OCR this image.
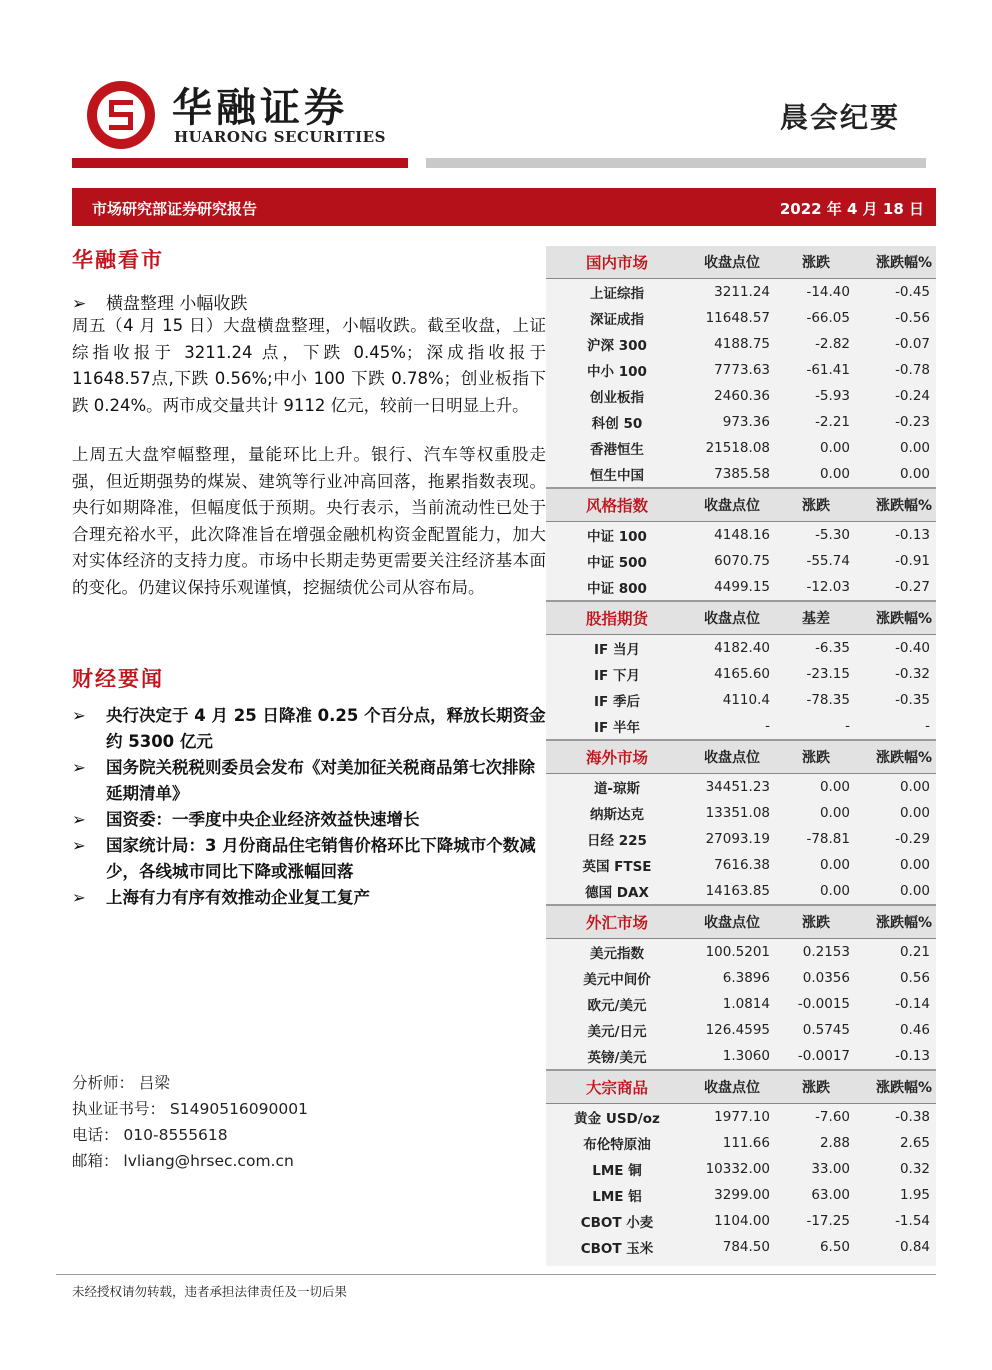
华融证券
HUARONG SECURITIES
晨会纪要
市场研究部证券研究报告	2022 年 4 月 18 日
华融看市
➢ 横盘整理 小幅收跌
周五（4 月 15 日）大盘横盘整理，小幅收跌。截至收盘，上证综指收报于 3211.24 点，下跌 0.45%；深成指收报于 11648.57点,下跌 0.56%;中小 100 下跌 0.78%；创业板指下跌 0.24%。两市成交量共计 9112 亿元，较前一日明显上升。
上周五大盘窄幅整理，量能环比上升。银行、汽车等权重股走强，但近期强势的煤炭、建筑等行业冲高回落，拖累指数表现。央行如期降准，但幅度低于预期。央行表示，当前流动性已处于合理充裕水平，此次降准旨在增强金融机构资金配置能力，加大对实体经济的支持力度。市场中长期走势更需要关注经济基本面的变化。仍建议保持乐观谨慎，挖掘绩优公司从容布局。
财经要闻
➢	央行决定于 4 月 25 日降准 0.25 个百分点，释放长期资金约 5300 亿元
➢	国务院关税税则委员会发布《对美加征关税商品第七次排除延期清单》
➢	国资委：一季度中央企业经济效益快速增长
➢	国家统计局：3 月份商品住宅销售价格环比下降城市个数减少，各线城市同比下降或涨幅回落
➢	上海有力有序有效推动企业复工复产
分析师： 吕梁
执业证书号： S1490516090001
电话： 010-8555618
邮箱： lvliang@hrsec.com.cn
国内市场	收盘点位	涨跌	涨跌幅%
上证综指	3211.24	-14.40	-0.45
深证成指	11648.57	-66.05	-0.56
沪深 300	4188.75	-2.82	-0.07
中小 100	7773.63	-61.41	-0.78
创业板指	2460.36	-5.93	-0.24
科创 50	973.36	-2.21	-0.23
香港恒生	21518.08	0.00	0.00
恒生中国	7385.58	0.00	0.00

风格指数	收盘点位	涨跌	涨跌幅%
中证 100	4148.16	-5.30	-0.13
中证 500	6070.75	-55.74	-0.91
中证 800	4499.15	-12.03	-0.27

股指期货	收盘点位	基差	涨跌幅%
IF 当月	4182.40	-6.35	-0.40
IF 下月	4165.60	-23.15	-0.32
IF 季后	4110.4	-78.35	-0.35
IF 半年	-	-	-

海外市场	收盘点位	涨跌	涨跌幅%
道-琼斯	34451.23	0.00	0.00
纳斯达克	13351.08	0.00	0.00
日经 225	27093.19	-78.81	-0.29
英国 FTSE	7616.38	0.00	0.00
德国 DAX	14163.85	0.00	0.00

外汇市场	收盘点位	涨跌	涨跌幅%
美元指数	100.5201	0.2153	0.21
美元中间价	6.3896	0.0356	0.56
欧元/美元	1.0814	-0.0015	-0.14
美元/日元	126.4595	0.5745	0.46
英镑/美元	1.3060	-0.0017	-0.13

大宗商品	收盘点位	涨跌	涨跌幅%
黄金 USD/oz	1977.10	-7.60	-0.38
布伦特原油	111.66	2.88	2.65
LME 铜	10332.00	33.00	0.32
LME 铝	3299.00	63.00	1.95
CBOT 小麦	1104.00	-17.25	-1.54
CBOT 玉米	784.50	6.50	0.84
未经授权请勿转载，违者承担法律责任及一切后果
